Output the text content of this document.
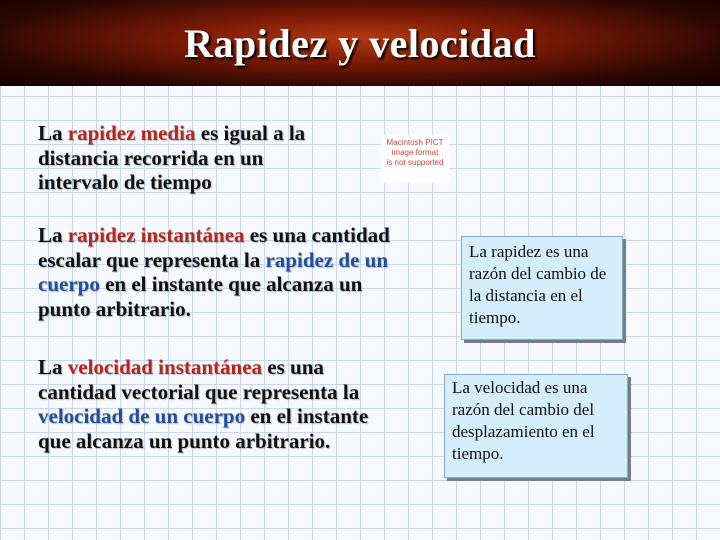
Rapidez y velocidad

La rapidez media es igual a la distancia recorrida en un intervalo de tiempo

Macintosh PICT
image format
is not supported

La rapidez instantánea es una cantidad escalar que representa la rapidez de un cuerpo en el instante que alcanza un punto arbitrario.

La velocidad instantánea es una cantidad vectorial que representa la velocidad de un cuerpo en el instante que alcanza un punto arbitrario.

La rapidez es una razón del cambio de la distancia en el tiempo.
La velocidad es una razón del cambio del desplazamiento en el tiempo.
